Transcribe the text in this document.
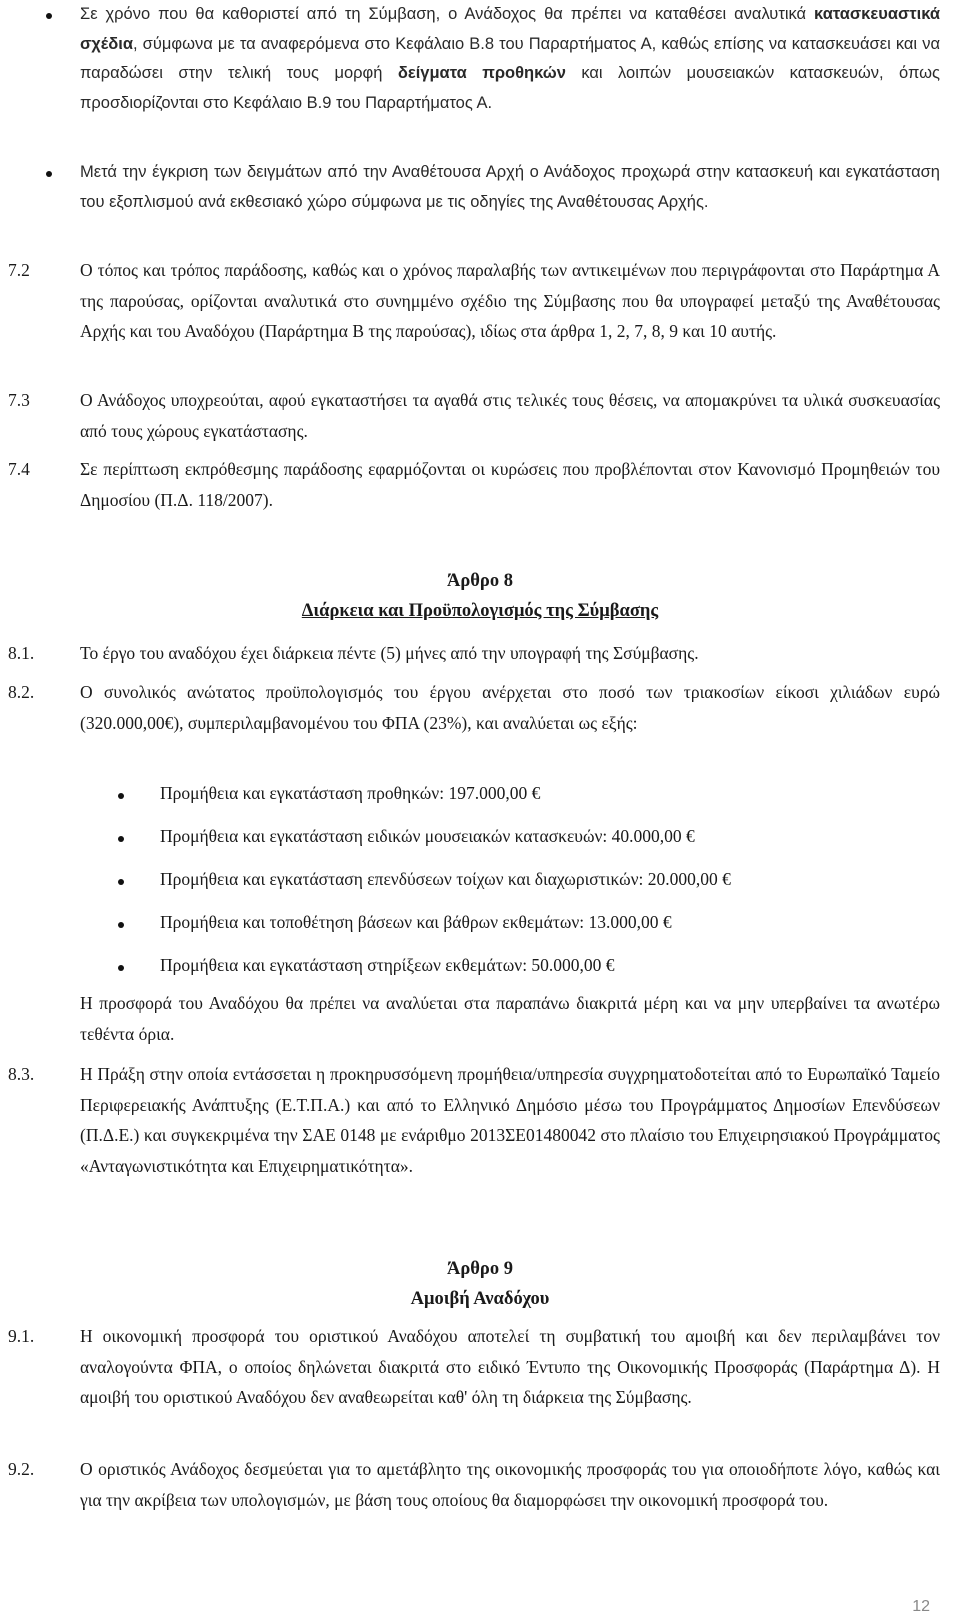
Σε χρόνο που θα καθοριστεί από τη Σύμβαση, ο Ανάδοχος θα πρέπει να καταθέσει αναλυτικά κατασκευαστικά σχέδια, σύμφωνα με τα αναφερόμενα στο Κεφάλαιο Β.8 του Παραρτήματος Α, καθώς επίσης να κατασκευάσει και να παραδώσει στην τελική τους μορφή δείγματα προθηκών και λοιπών μουσειακών κατασκευών, όπως προσδιορίζονται στο Κεφάλαιο Β.9 του Παραρτήματος Α.
Μετά την έγκριση των δειγμάτων από την Αναθέτουσα Αρχή ο Ανάδοχος προχωρά στην κατασκευή και εγκατάσταση του εξοπλισμού ανά εκθεσιακό χώρο σύμφωνα με τις οδηγίες της Αναθέτουσας Αρχής.
7.2	Ο τόπος και τρόπος παράδοσης, καθώς και ο χρόνος παραλαβής των αντικειμένων που περιγράφονται στο Παράρτημα Α της παρούσας, ορίζονται αναλυτικά στο συνημμένο σχέδιο της Σύμβασης που θα υπογραφεί μεταξύ της Αναθέτουσας Αρχής και του Αναδόχου (Παράρτημα Β της παρούσας), ιδίως στα άρθρα 1, 2, 7, 8, 9 και 10 αυτής.
7.3	Ο Ανάδοχος υποχρεούται, αφού εγκαταστήσει τα αγαθά στις τελικές τους θέσεις, να απομακρύνει τα υλικά συσκευασίας από τους χώρους εγκατάστασης.
7.4	Σε περίπτωση εκπρόθεσμης παράδοσης εφαρμόζονται οι κυρώσεις που προβλέπονται στον Κανονισμό Προμηθειών του Δημοσίου (Π.Δ. 118/2007).
Άρθρο 8
Διάρκεια και Προϋπολογισμός της Σύμβασης
8.1.	Το έργο του αναδόχου έχει διάρκεια πέντε (5) μήνες από την υπογραφή της Σσύμβασης.
8.2.	Ο συνολικός ανώτατος προϋπολογισμός του έργου ανέρχεται στο ποσό των τριακοσίων είκοσι χιλιάδων ευρώ (320.000,00€), συμπεριλαμβανομένου του ΦΠΑ (23%), και αναλύεται ως εξής:
Προμήθεια και εγκατάσταση προθηκών: 197.000,00 €
Προμήθεια και εγκατάσταση ειδικών μουσειακών κατασκευών: 40.000,00 €
Προμήθεια και εγκατάσταση επενδύσεων τοίχων και διαχωριστικών: 20.000,00 €
Προμήθεια και τοποθέτηση βάσεων και βάθρων εκθεμάτων: 13.000,00 €
Προμήθεια και εγκατάσταση στηρίξεων εκθεμάτων: 50.000,00 €
Η προσφορά του Αναδόχου θα πρέπει να αναλύεται στα παραπάνω διακριτά μέρη και να μην υπερβαίνει τα ανωτέρω τεθέντα όρια.
8.3.	Η Πράξη στην οποία εντάσσεται η προκηρυσσόμενη προμήθεια/υπηρεσία συγχρηματοδοτείται από το Ευρωπαϊκό Ταμείο Περιφερειακής Ανάπτυξης (Ε.Τ.Π.Α.) και από το Ελληνικό Δημόσιο μέσω του Προγράμματος Δημοσίων Επενδύσεων (Π.Δ.Ε.) και συγκεκριμένα την ΣΑΕ 0148 με ενάριθμο 2013ΣΕ01480042 στο πλαίσιο του Επιχειρησιακού Προγράμματος «Ανταγωνιστικότητα και Επιχειρηματικότητα».
Άρθρο 9
Αμοιβή Αναδόχου
9.1.	Η οικονομική προσφορά του οριστικού Αναδόχου αποτελεί τη συμβατική του αμοιβή και δεν περιλαμβάνει τον αναλογούντα ΦΠΑ, ο οποίος δηλώνεται διακριτά στο ειδικό Έντυπο της Οικονομικής Προσφοράς (Παράρτημα Δ). Η αμοιβή του οριστικού Αναδόχου δεν αναθεωρείται καθ' όλη τη διάρκεια της Σύμβασης.
9.2.	Ο οριστικός Ανάδοχος δεσμεύεται για το αμετάβλητο της οικονομικής προσφοράς του για οποιοδήποτε λόγο, καθώς και για την ακρίβεια των υπολογισμών, με βάση τους οποίους θα διαμορφώσει την οικονομική προσφορά του.
12
